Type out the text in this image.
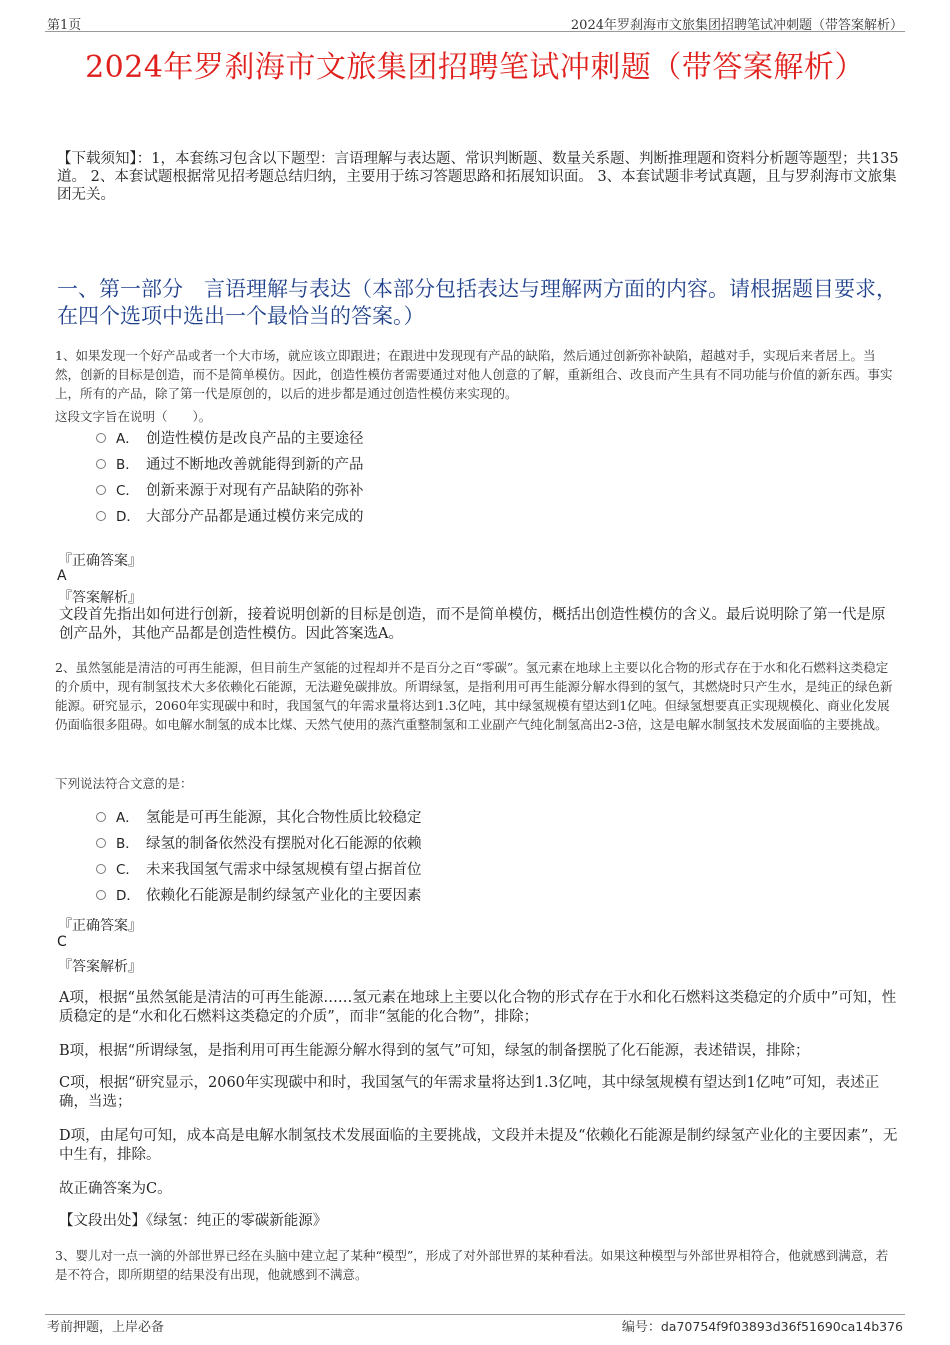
第1页	2024年罗刹海市文旅集团招聘笔试冲刺题（带答案解析）
2024年罗刹海市文旅集团招聘笔试冲刺题（带答案解析）
【下载须知】：1，本套练习包含以下题型：言语理解与表达题、常识判断题、数量关系题、判断推理题和资料分析题等题型；共135道。 2、本套试题根据常见招考题总结归纳，主要用于练习答题思路和拓展知识面。 3、本套试题非考试真题，且与罗刹海市文旅集团无关。
一、第一部分　言语理解与表达（本部分包括表达与理解两方面的内容。请根据题目要求，在四个选项中选出一个最恰当的答案。）
1、如果发现一个好产品或者一个大市场，就应该立即跟进；在跟进中发现现有产品的缺陷，然后通过创新弥补缺陷，超越对手，实现后来者居上。当然，创新的目标是创造，而不是简单模仿。因此，创造性模仿者需要通过对他人创意的了解，重新组合、改良而产生具有不同功能与价值的新东西。事实上，所有的产品，除了第一代是原创的，以后的进步都是通过创造性模仿来实现的。
这段文字旨在说明（　　）。
A． 创造性模仿是改良产品的主要途径
B． 通过不断地改善就能得到新的产品
C． 创新来源于对现有产品缺陷的弥补
D． 大部分产品都是通过模仿来完成的
『正确答案』
A
『答案解析』
文段首先指出如何进行创新，接着说明创新的目标是创造，而不是简单模仿，概括出创造性模仿的含义。最后说明除了第一代是原创产品外，其他产品都是创造性模仿。因此答案选A。
2、虽然氢能是清洁的可再生能源，但目前生产氢能的过程却并不是百分之百“零碳”。氢元素在地球上主要以化合物的形式存在于水和化石燃料这类稳定的介质中，现有制氢技术大多依赖化石能源，无法避免碳排放。所谓绿氢，是指利用可再生能源分解水得到的氢气，其燃烧时只产生水，是纯正的绿色新能源。研究显示，2060年实现碳中和时，我国氢气的年需求量将达到1.3亿吨，其中绿氢规模有望达到1亿吨。但绿氢想要真正实现规模化、商业化发展仍面临很多阻碍。如电解水制氢的成本比煤、天然气使用的蒸汽重整制氢和工业副产气纯化制氢高出2-3倍，这是电解水制氢技术发展面临的主要挑战。
下列说法符合文意的是：
A． 氢能是可再生能源，其化合物性质比较稳定
B． 绿氢的制备依然没有摆脱对化石能源的依赖
C． 未来我国氢气需求中绿氢规模有望占据首位
D． 依赖化石能源是制约绿氢产业化的主要因素
『正确答案』
C
『答案解析』
A项，根据“虽然氢能是清洁的可再生能源……氢元素在地球上主要以化合物的形式存在于水和化石燃料这类稳定的介质中”可知，性质稳定的是“水和化石燃料这类稳定的介质”，而非“氢能的化合物”，排除；
B项，根据“所谓绿氢，是指利用可再生能源分解水得到的氢气”可知，绿氢的制备摆脱了化石能源，表述错误，排除；
C项，根据“研究显示，2060年实现碳中和时，我国氢气的年需求量将达到1.3亿吨，其中绿氢规模有望达到1亿吨”可知，表述正确，当选；
D项，由尾句可知，成本高是电解水制氢技术发展面临的主要挑战，文段并未提及“依赖化石能源是制约绿氢产业化的主要因素”，无中生有，排除。
故正确答案为C。
【文段出处】《绿氢：纯正的零碳新能源》
3、婴儿对一点一滴的外部世界已经在头脑中建立起了某种“模型”，形成了对外部世界的某种看法。如果这种模型与外部世界相符合，他就感到满意，若是不符合，即所期望的结果没有出现，他就感到不满意。
考前押题，上岸必备	编号：da70754f9f03893d36f51690ca14b376
